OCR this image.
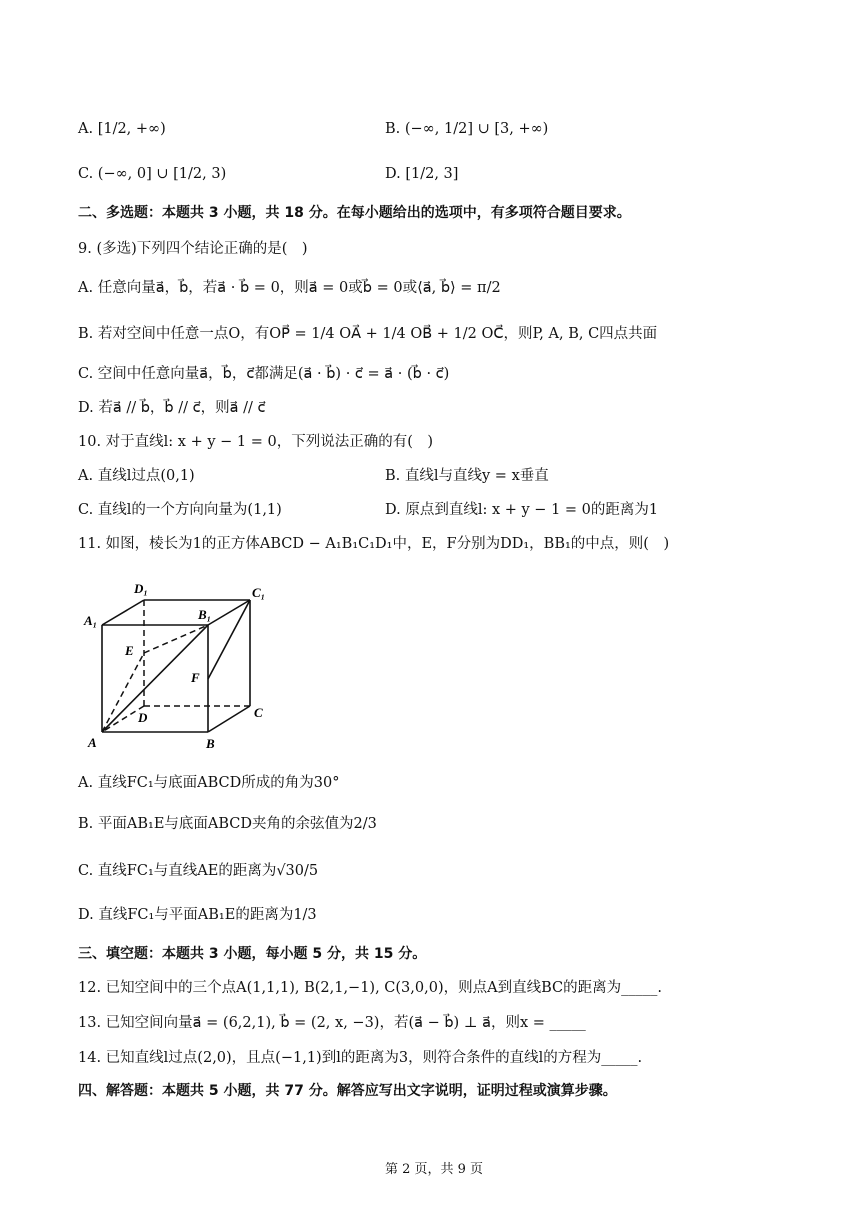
A. [1/2, +∞)	B. (−∞, 1/2] ∪ [3, +∞)
C. (−∞, 0] ∪ [1/2, 3)	D. [1/2, 3]
二、多选题：本题共 3 小题，共 18 分。在每小题给出的选项中，有多项符合题目要求。
9. (多选)下列四个结论正确的是(　)
A. 任意向量a⃗，b⃗，若a⃗ · b⃗ = 0，则a⃗ = 0或b⃗ = 0或⟨a⃗, b⃗⟩ = π/2
B. 若对空间中任意一点O，有OP⃗ = 1/4 OA⃗ + 1/4 OB⃗ + 1/2 OC⃗，则P, A, B, C四点共面
C. 空间中任意向量a⃗，b⃗，c⃗都满足(a⃗ · b⃗) · c⃗ = a⃗ · (b⃗ · c⃗)
D. 若a⃗ // b⃗，b⃗ // c⃗，则a⃗ // c⃗
10. 对于直线l: x + y − 1 = 0，下列说法正确的有(　)
A. 直线l过点(0,1)	B. 直线l与直线y = x垂直
C. 直线l的一个方向向量为(1,1)	D. 原点到直线l: x + y − 1 = 0的距离为1
11. 如图，棱长为1的正方体ABCD − A₁B₁C₁D₁中，E，F分别为DD₁，BB₁的中点，则(　)
A	B
C
D
A₁	B₁
C₁
D₁
E
F
A. 直线FC₁与底面ABCD所成的角为30°
B. 平面AB₁E与底面ABCD夹角的余弦值为2/3
C. 直线FC₁与直线AE的距离为√30/5
D. 直线FC₁与平面AB₁E的距离为1/3
三、填空题：本题共 3 小题，每小题 5 分，共 15 分。
12. 已知空间中的三个点A(1,1,1), B(2,1,−1), C(3,0,0)，则点A到直线BC的距离为_____.
13. 已知空间向量a⃗ = (6,2,1), b⃗ = (2, x, −3)，若(a⃗ − b⃗) ⊥ a⃗，则x = _____
14. 已知直线l过点(2,0)，且点(−1,1)到l的距离为3，则符合条件的直线l的方程为_____.
四、解答题：本题共 5 小题，共 77 分。解答应写出文字说明，证明过程或演算步骤。
第 2 页，共 9 页
